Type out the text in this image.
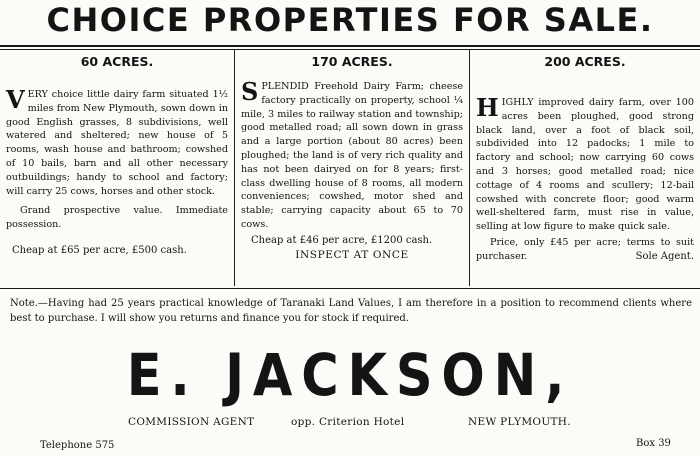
CHOICE PROPERTIES FOR SALE.
60 ACRES.
VERY choice little dairy farm situated 1½ miles from New Plymouth, sown down in good English grasses, 8 subdivisions, well watered and sheltered; new house of 5 rooms, wash house and bathroom; cowshed of 10 bails, barn and all other necessary outbuildings; handy to school and factory; will carry 25 cows, horses and other stock.
Grand prospective value. Immediate possession.
Cheap at £65 per acre, £500 cash.
170 ACRES.
SPLENDID Freehold Dairy Farm; cheese factory practically on property, school ¼ mile, 3 miles to railway station and township; good metalled road; all sown down in grass and a large portion (about 80 acres) been ploughed; the land is of very rich quality and has not been dairyed on for 8 years; first-class dwelling house of 8 rooms, all modern conveniences; cowshed, motor shed and stable; carrying capacity about 65 to 70 cows.
Cheap at £46 per acre, £1200 cash.
INSPECT AT ONCE
200 ACRES.
HIGHLY improved dairy farm, over 100 acres been ploughed, good strong black land, over a foot of black soil, subdivided into 12 padocks; 1 mile to factory and school; now carrying 60 cows and 3 horses; good metalled road; nice cottage of 4 rooms and scullery; 12-bail cowshed with concrete floor; good warm well-sheltered farm, must rise in value, selling at low figure to make quick sale.
Price, only £45 per acre; terms to suit purchaser.	Sole Agent.
Note.—Having had 25 years practical knowledge of Taranaki Land Values, I am therefore in a position to recommend clients where best to purchase. I will show you returns and finance you for stock if required.
E. JACKSON,
COMMISSION AGENT	opp. Criterion Hotel	NEW PLYMOUTH.
Telephone 575	Box 39
